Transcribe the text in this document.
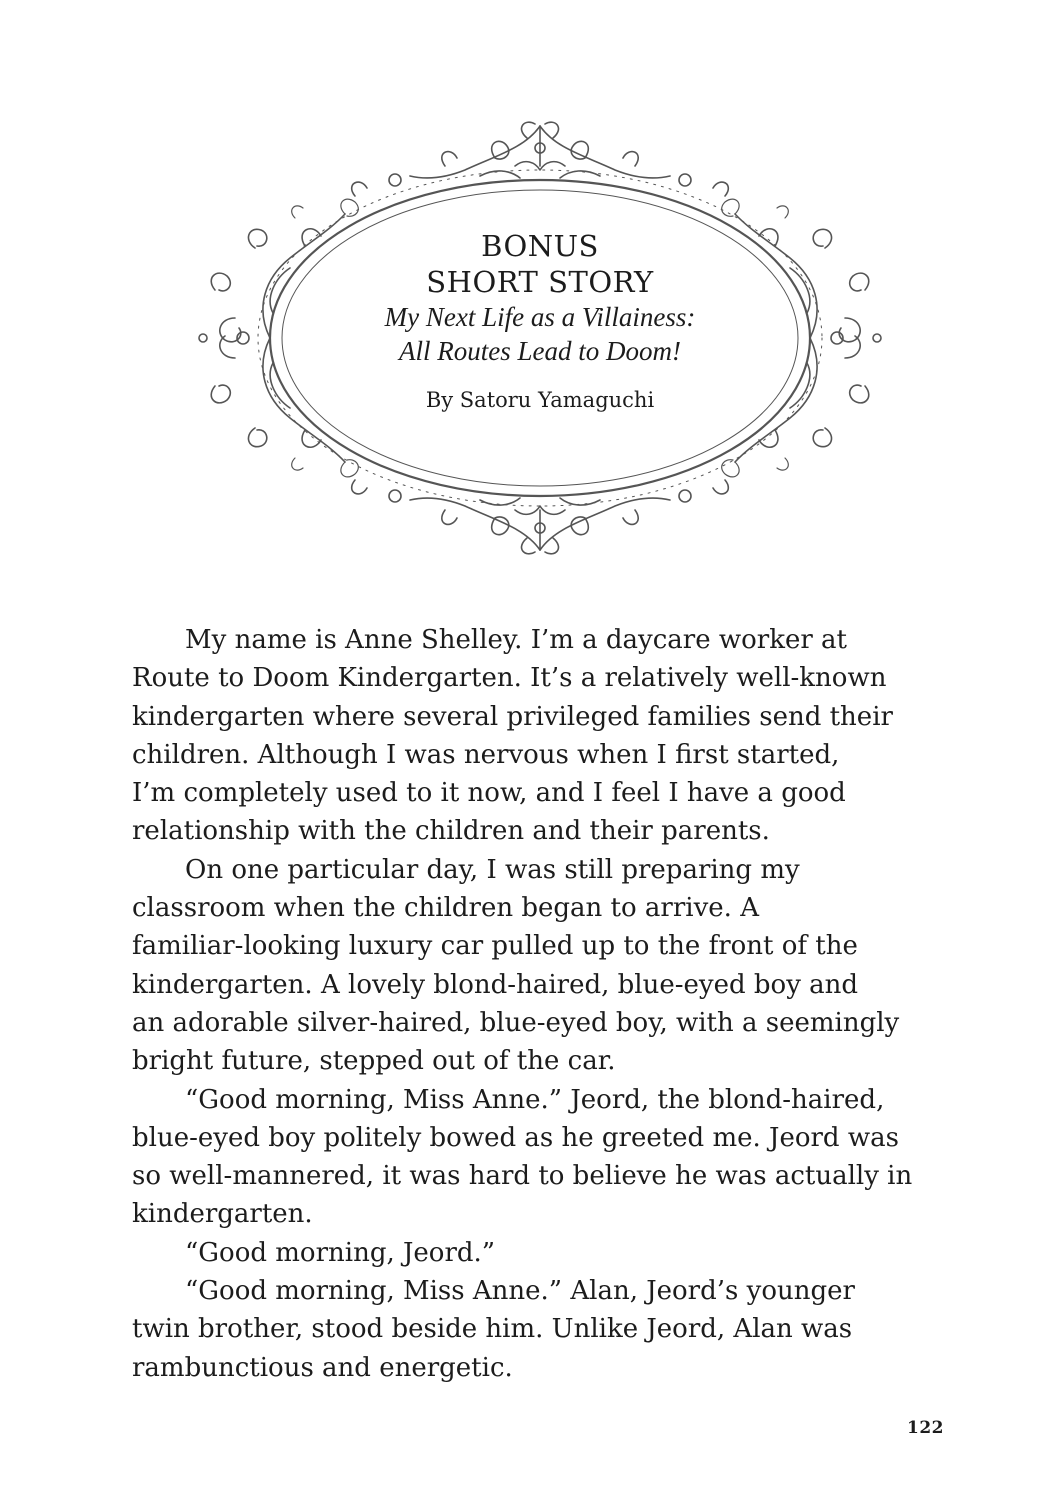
BONUS
SHORT STORY
My Next Life as a Villainess:
All Routes Lead to Doom!
By Satoru Yamaguchi
My name is Anne Shelley. I’m a daycare worker at
Route to Doom Kindergarten. It’s a relatively well-known
kindergarten where several privileged families send their
children. Although I was nervous when I first started,
I’m completely used to it now, and I feel I have a good
relationship with the children and their parents.
On one particular day, I was still preparing my
classroom when the children began to arrive. A
familiar-looking luxury car pulled up to the front of the
kindergarten. A lovely blond-haired, blue-eyed boy and
an adorable silver-haired, blue-eyed boy, with a seemingly
bright future, stepped out of the car.
“Good morning, Miss Anne.” Jeord, the blond-haired,
blue-eyed boy politely bowed as he greeted me. Jeord was
so well-mannered, it was hard to believe he was actually in
kindergarten.
“Good morning, Jeord.”
“Good morning, Miss Anne.” Alan, Jeord’s younger
twin brother, stood beside him. Unlike Jeord, Alan was
rambunctious and energetic.
122
